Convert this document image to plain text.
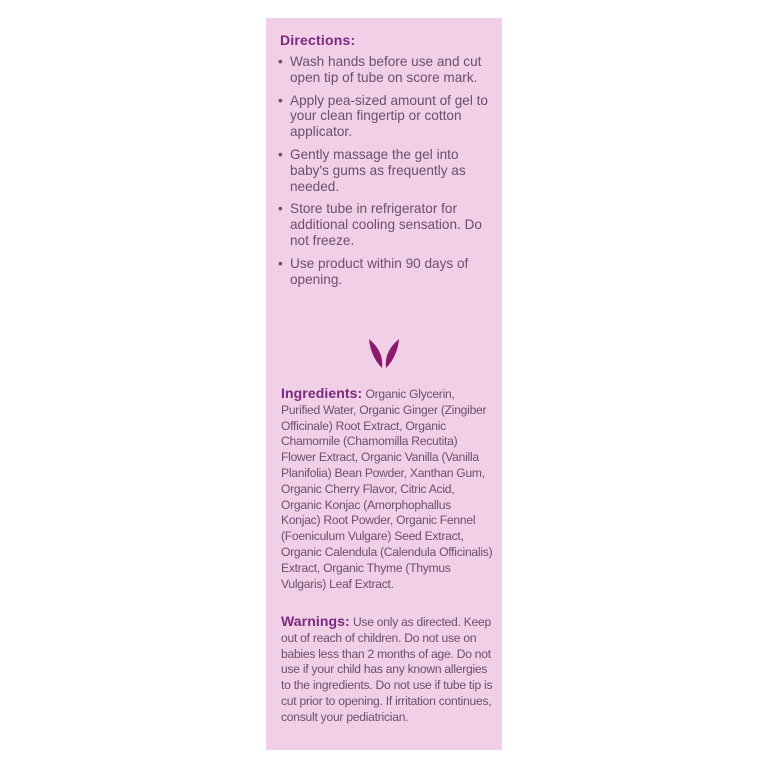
Directions:
• Wash hands before use and cut open tip of tube on score mark.
• Apply pea-sized amount of gel to your clean fingertip or cotton applicator.
• Gently massage the gel into baby's gums as frequently as needed.
• Store tube in refrigerator for additional cooling sensation. Do not freeze.
• Use product within 90 days of opening.
Ingredients: Organic Glycerin, Purified Water, Organic Ginger (Zingiber Officinale) Root Extract, Organic Chamomile (Chamomilla Recutita) Flower Extract, Organic Vanilla (Vanilla Planifolia) Bean Powder, Xanthan Gum, Organic Cherry Flavor, Citric Acid, Organic Konjac (Amorphophallus Konjac) Root Powder, Organic Fennel (Foeniculum Vulgare) Seed Extract, Organic Calendula (Calendula Officinalis) Extract, Organic Thyme (Thymus Vulgaris) Leaf Extract.
Warnings: Use only as directed. Keep out of reach of children. Do not use on babies less than 2 months of age. Do not use if your child has any known allergies to the ingredients. Do not use if tube tip is cut prior to opening. If irritation continues, consult your pediatrician.
